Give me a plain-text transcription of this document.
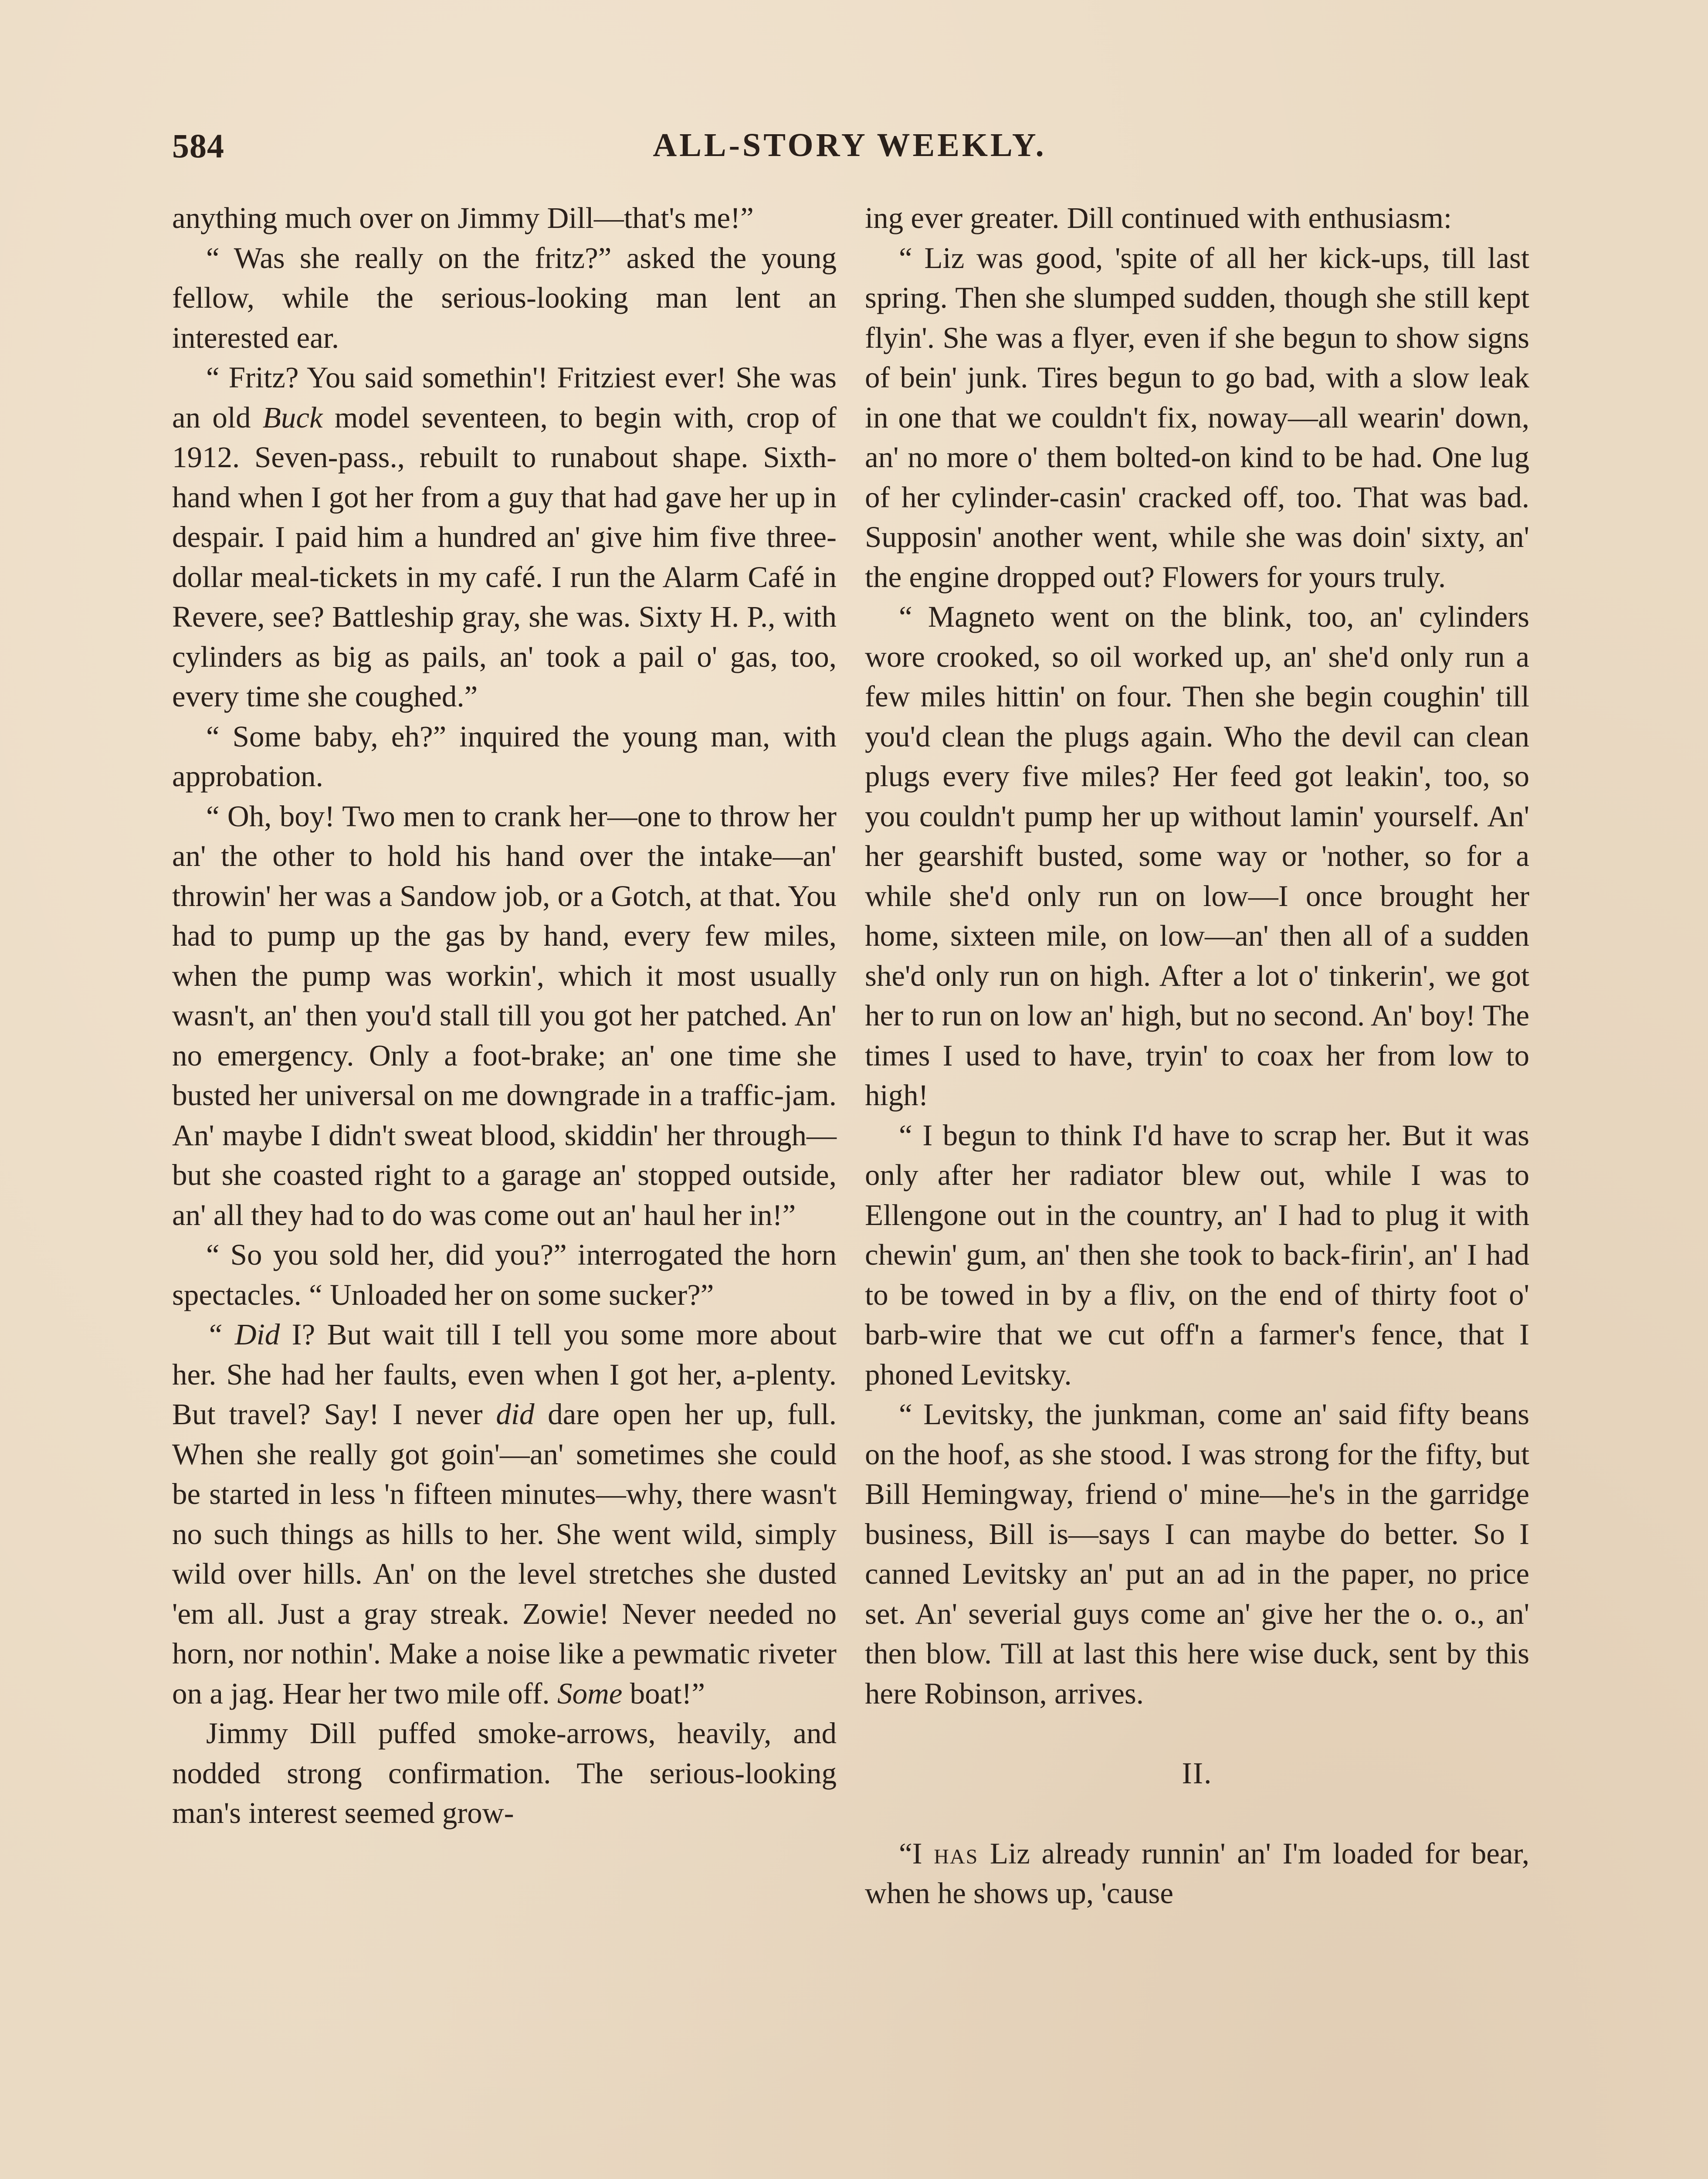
584	ALL-STORY WEEKLY.

anything much over on Jimmy Dill—that's me!”

“ Was she really on the fritz?” asked the young fellow, while the serious-looking man lent an interested ear.

“ Fritz? You said somethin'! Fritziest ever! She was an old Buck model seventeen, to begin with, crop of 1912. Seven-pass., rebuilt to runabout shape. Sixth-hand when I got her from a guy that had gave her up in despair. I paid him a hundred an' give him five three-dollar meal-tickets in my café. I run the Alarm Café in Revere, see? Battleship gray, she was. Sixty H. P., with cylinders as big as pails, an' took a pail o' gas, too, every time she coughed.”

“ Some baby, eh?” inquired the young man, with approbation.

“ Oh, boy! Two men to crank her—one to throw her an' the other to hold his hand over the intake—an' throwin' her was a Sandow job, or a Gotch, at that. You had to pump up the gas by hand, every few miles, when the pump was workin', which it most usually wasn't, an' then you'd stall till you got her patched. An' no emergency. Only a foot-brake; an' one time she busted her universal on me downgrade in a traffic-jam. An' maybe I didn't sweat blood, skiddin' her through—but she coasted right to a garage an' stopped outside, an' all they had to do was come out an' haul her in!”

“ So you sold her, did you?” interrogated the horn spectacles. “ Unloaded her on some sucker?”

“ Did I? But wait till I tell you some more about her. She had her faults, even when I got her, a-plenty. But travel? Say! I never did dare open her up, full. When she really got goin'—an' sometimes she could be started in less 'n fifteen minutes—why, there wasn't no such things as hills to her. She went wild, simply wild over hills. An' on the level stretches she dusted 'em all. Just a gray streak. Zowie! Never needed no horn, nor nothin'. Make a noise like a pewmatic riveter on a jag. Hear her two mile off. Some boat!”

Jimmy Dill puffed smoke-arrows, heavily, and nodded strong confirmation. The serious-looking man's interest seemed grow-

ing ever greater. Dill continued with enthusiasm:

“ Liz was good, 'spite of all her kick-ups, till last spring. Then she slumped sudden, though she still kept flyin'. She was a flyer, even if she begun to show signs of bein' junk. Tires begun to go bad, with a slow leak in one that we couldn't fix, noway—all wearin' down, an' no more o' them bolted-on kind to be had. One lug of her cylinder-casin' cracked off, too. That was bad. Supposin' another went, while she was doin' sixty, an' the engine dropped out? Flowers for yours truly.

“ Magneto went on the blink, too, an' cylinders wore crooked, so oil worked up, an' she'd only run a few miles hittin' on four. Then she begin coughin' till you'd clean the plugs again. Who the devil can clean plugs every five miles? Her feed got leakin', too, so you couldn't pump her up without lamin' yourself. An' her gearshift busted, some way or 'nother, so for a while she'd only run on low—I once brought her home, sixteen mile, on low—an' then all of a sudden she'd only run on high. After a lot o' tinkerin', we got her to run on low an' high, but no second. An' boy! The times I used to have, tryin' to coax her from low to high!

“ I begun to think I'd have to scrap her. But it was only after her radiator blew out, while I was to Ellengone out in the country, an' I had to plug it with chewin' gum, an' then she took to back-firin', an' I had to be towed in by a fliv, on the end of thirty foot o' barb-wire that we cut off'n a farmer's fence, that I phoned Levitsky.

“ Levitsky, the junkman, come an' said fifty beans on the hoof, as she stood. I was strong for the fifty, but Bill Hemingway, friend o' mine—he's in the garridge business, Bill is—says I can maybe do better. So I canned Levitsky an' put an ad in the paper, no price set. An' severial guys come an' give her the o. o., an' then blow. Till at last this here wise duck, sent by this here Robinson, arrives.

II.

“I has Liz already runnin' an' I'm loaded for bear, when he shows up, 'cause
